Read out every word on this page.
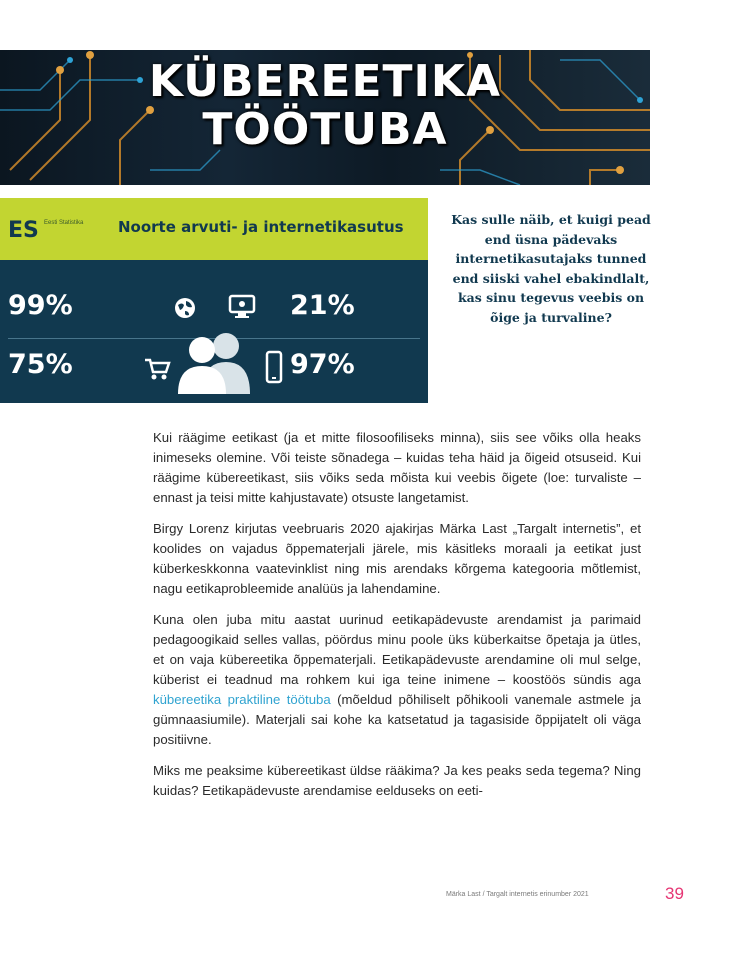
KÜBEREETIKA
TÖÖTUBA
ES Eesti Statistika	Noorte arvuti- ja internetikasutus
99%	21%
75%	97%
Kas sulle näib, et kuigi pead end üsna pädevaks internetikasutajaks tunned end siiski vahel ebakindlalt, kas sinu tegevus veebis on õige ja turvaline?

Kui räägime eetikast (ja et mitte filosoofiliseks minna), siis see võiks olla heaks inimeseks olemine. Või teiste sõnadega – kuidas teha häid ja õigeid otsuseid. Kui räägime kübereetikast, siis võiks seda mõista kui veebis õigete (loe: turvaliste – ennast ja teisi mitte kahjustavate) otsuste langetamist.

Birgy Lorenz kirjutas veebruaris 2020 ajakirjas Märka Last „Targalt internetis”, et koolides on vajadus õppematerjali järele, mis käsitleks moraali ja eetikat just küberkeskkonna vaatevinklist ning mis arendaks kõrgema kategooria mõtlemist, nagu eetikaprobleemide analüüs ja lahendamine.

Kuna olen juba mitu aastat uurinud eetikapädevuste arendamist ja parimaid pedagoogikaid selles vallas, pöördus minu poole üks küberkaitse õpetaja ja ütles, et on vaja kübereetika õppematerjali. Eetikapädevuste arendamine oli mul selge, küberist ei teadnud ma rohkem kui iga teine inimene – koostöös sündis aga kübereetika praktiline töötuba (mõeldud põhiliselt põhikooli vanemale astmele ja gümnaasiumile). Materjali sai kohe ka katsetatud ja tagasiside õppijatelt oli väga positiivne.

Miks me peaksime kübereetikast üldse rääkima? Ja kes peaks seda tegema? Ning kuidas? Eetikapädevuste arendamise eelduseks on eeti-

Märka Last / Targalt internetis erinumber 2021	39
